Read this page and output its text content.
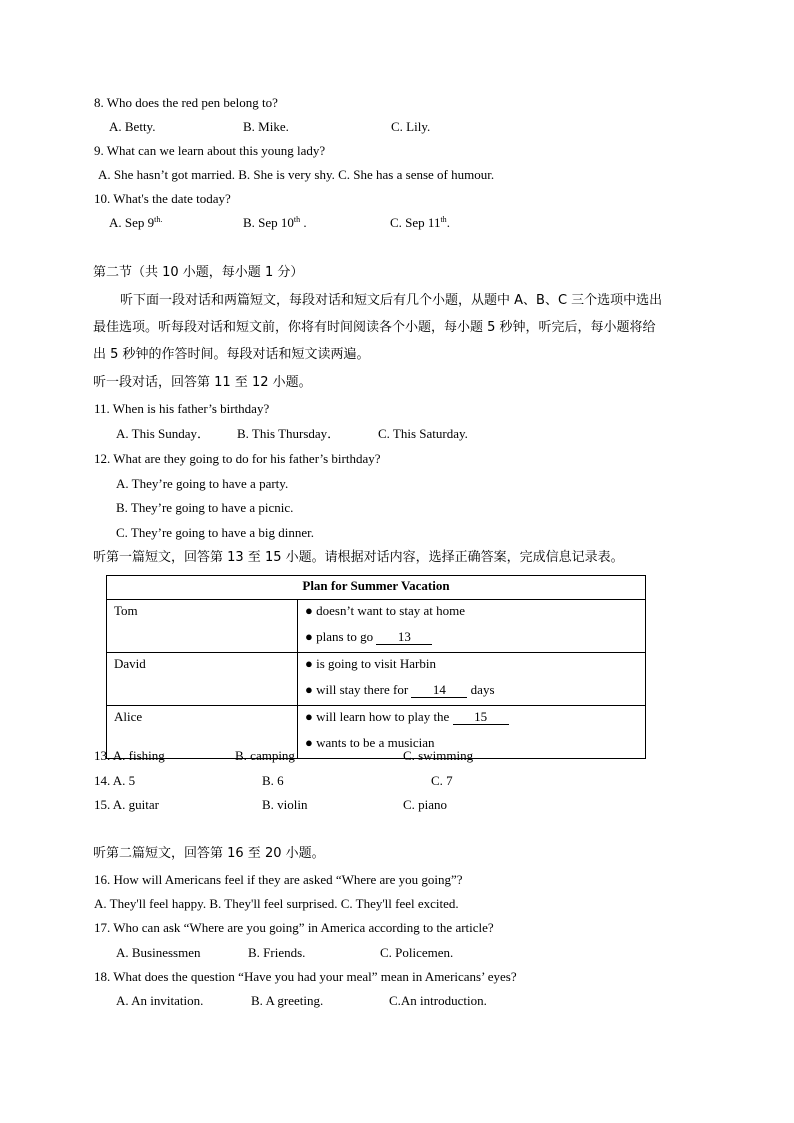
8. Who does the red pen belong to?
A. Betty.	B. Mike.	C. Lily.
9. What can we learn about this young lady?
A. She hasn’t got married. B. She is very shy. C. She has a sense of humour.
10. What's the date today?
A. Sep $9^{th.}$	B. Sep 10th .	C. Sep 11th.
第二节（共 10 小题，每小题 1 分）
听下面一段对话和两篇短文，每段对话和短文后有几个小题，从题中 A、B、C 三个选项中选出
最佳选项。听每段对话和短文前，你将有时间阅读各个小题，每小题 5 秒钟，听完后，每小题将给
出 5 秒钟的作答时间。每段对话和短文读两遍。
听一段对话，回答第 11 至 12 小题。
11. When is his father’s birthday?
A. This Sunday． B. This Thursday．	C. This Saturday.
12. What are they going to do for his father’s birthday?
A. They’re going to have a party.
B. They’re going to have a picnic.
C. They’re going to have a big dinner.
听第一篇短文，回答第 13 至 15 小题。请根据对话内容，选择正确答案，完成信息记录表。
Plan for Summer Vacation	

Tom	● doesn’t want to stay at home
● plans to go 13

David	● is going to visit Harbin
● will stay there for 14 days

Alice	● will learn how to play the 15
● wants to be a musician
13. A. fishing	B. camping	C. swimming
14. A. 5	B. 6	C. 7
15. A. guitar	B. violin	C. piano
听第二篇短文，回答第 16 至 20 小题。
16. How will Americans feel if they are asked “Where are you going”?
A. They'll feel happy. B. They'll feel surprised. C. They'll feel excited.
17. Who can ask “Where are you going” in America according to the article?
A. Businessmen	B. Friends.	C. Policemen.
18. What does the question “Have you had your meal” mean in Americans’ eyes?
A. An invitation.	B. A greeting.	C.An introduction.
